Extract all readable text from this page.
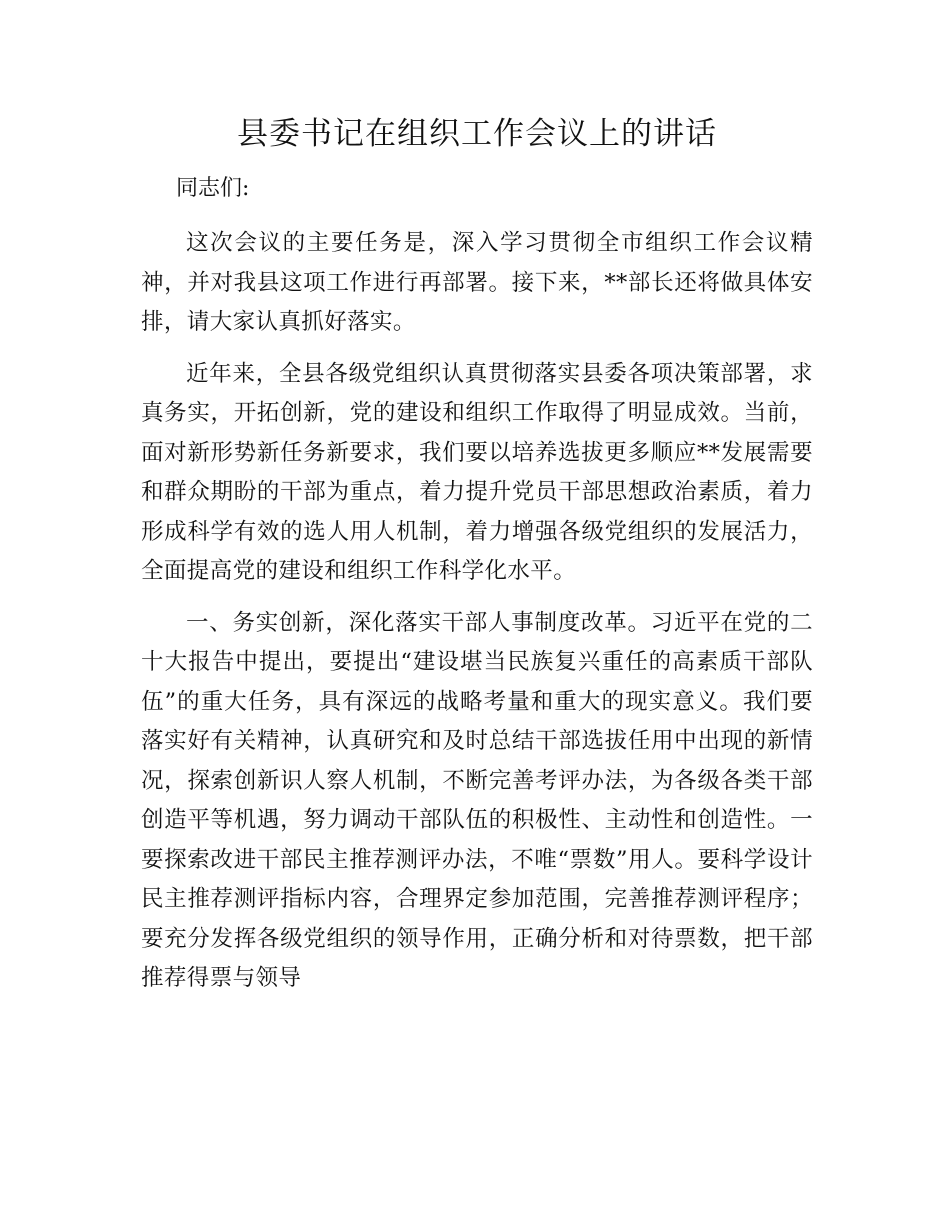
县委书记在组织工作会议上的讲话

同志们:

这次会议的主要任务是，深入学习贯彻全市组织工作会议精神，并对我县这项工作进行再部署。接下来，**部长还将做具体安排，请大家认真抓好落实。

近年来，全县各级党组织认真贯彻落实县委各项决策部署，求真务实，开拓创新，党的建设和组织工作取得了明显成效。当前，面对新形势新任务新要求，我们要以培养选拔更多顺应**发展需要和群众期盼的干部为重点，着力提升党员干部思想政治素质，着力形成科学有效的选人用人机制，着力增强各级党组织的发展活力，全面提高党的建设和组织工作科学化水平。

一、务实创新，深化落实干部人事制度改革。习近平在党的二十大报告中提出，要提出“建设堪当民族复兴重任的高素质干部队伍”的重大任务，具有深远的战略考量和重大的现实意义。我们要落实好有关精神，认真研究和及时总结干部选拔任用中出现的新情况，探索创新识人察人机制，不断完善考评办法，为各级各类干部创造平等机遇，努力调动干部队伍的积极性、主动性和创造性。一要探索改进干部民主推荐测评办法，不唯“票数”用人。要科学设计民主推荐测评指标内容，合理界定参加范围，完善推荐测评程序；要充分发挥各级党组织的领导作用，正确分析和对待票数，把干部推荐得票与领导
